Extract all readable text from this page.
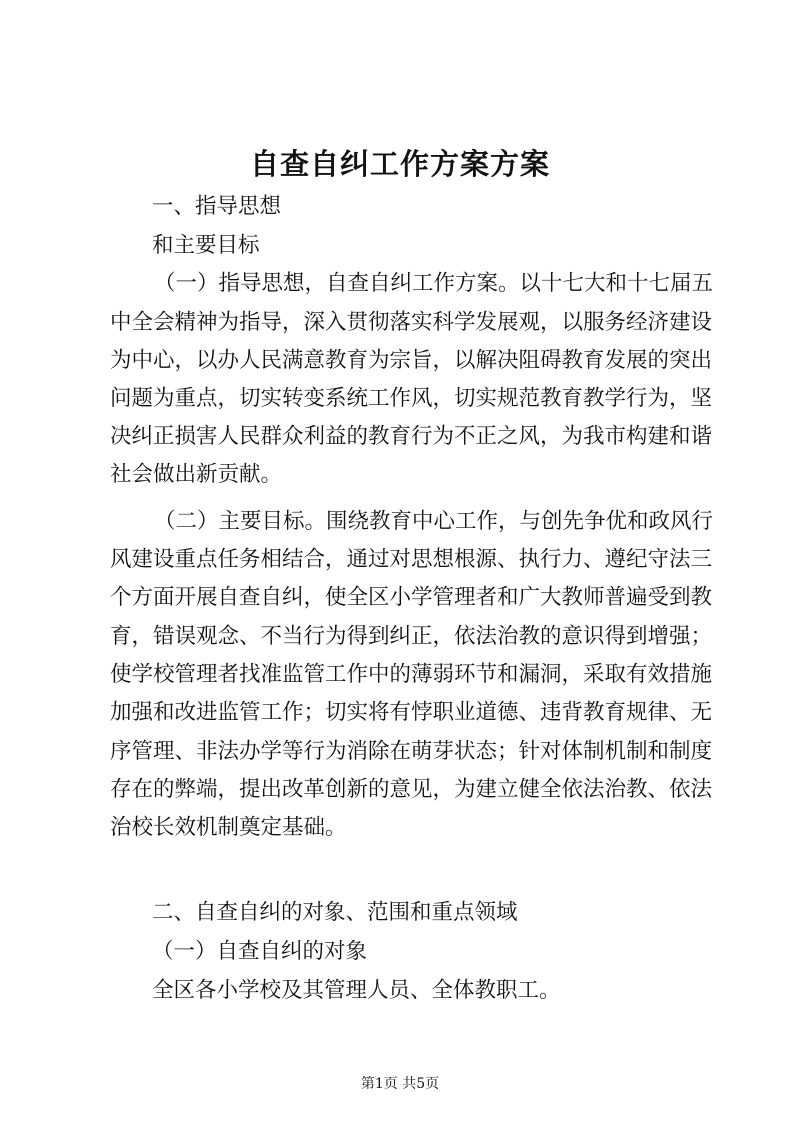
自查自纠工作方案方案
一、指导思想
和主要目标
（一）指导思想，自查自纠工作方案。以十七大和十七届五
中全会精神为指导，深入贯彻落实科学发展观，以服务经济建设
为中心，以办人民满意教育为宗旨，以解决阻碍教育发展的突出
问题为重点，切实转变系统工作风，切实规范教育教学行为，坚
决纠正损害人民群众利益的教育行为不正之风，为我市构建和谐
社会做出新贡献。
（二）主要目标。围绕教育中心工作，与创先争优和政风行
风建设重点任务相结合，通过对思想根源、执行力、遵纪守法三
个方面开展自查自纠，使全区小学管理者和广大教师普遍受到教
育，错误观念、不当行为得到纠正，依法治教的意识得到增强；
使学校管理者找准监管工作中的薄弱环节和漏洞，采取有效措施
加强和改进监管工作；切实将有悖职业道德、违背教育规律、无
序管理、非法办学等行为消除在萌芽状态；针对体制机制和制度
存在的弊端，提出改革创新的意见，为建立健全依法治教、依法
治校长效机制奠定基础。
二、自查自纠的对象、范围和重点领域
（一）自查自纠的对象
全区各小学校及其管理人员、全体教职工。
第1页 共5页
